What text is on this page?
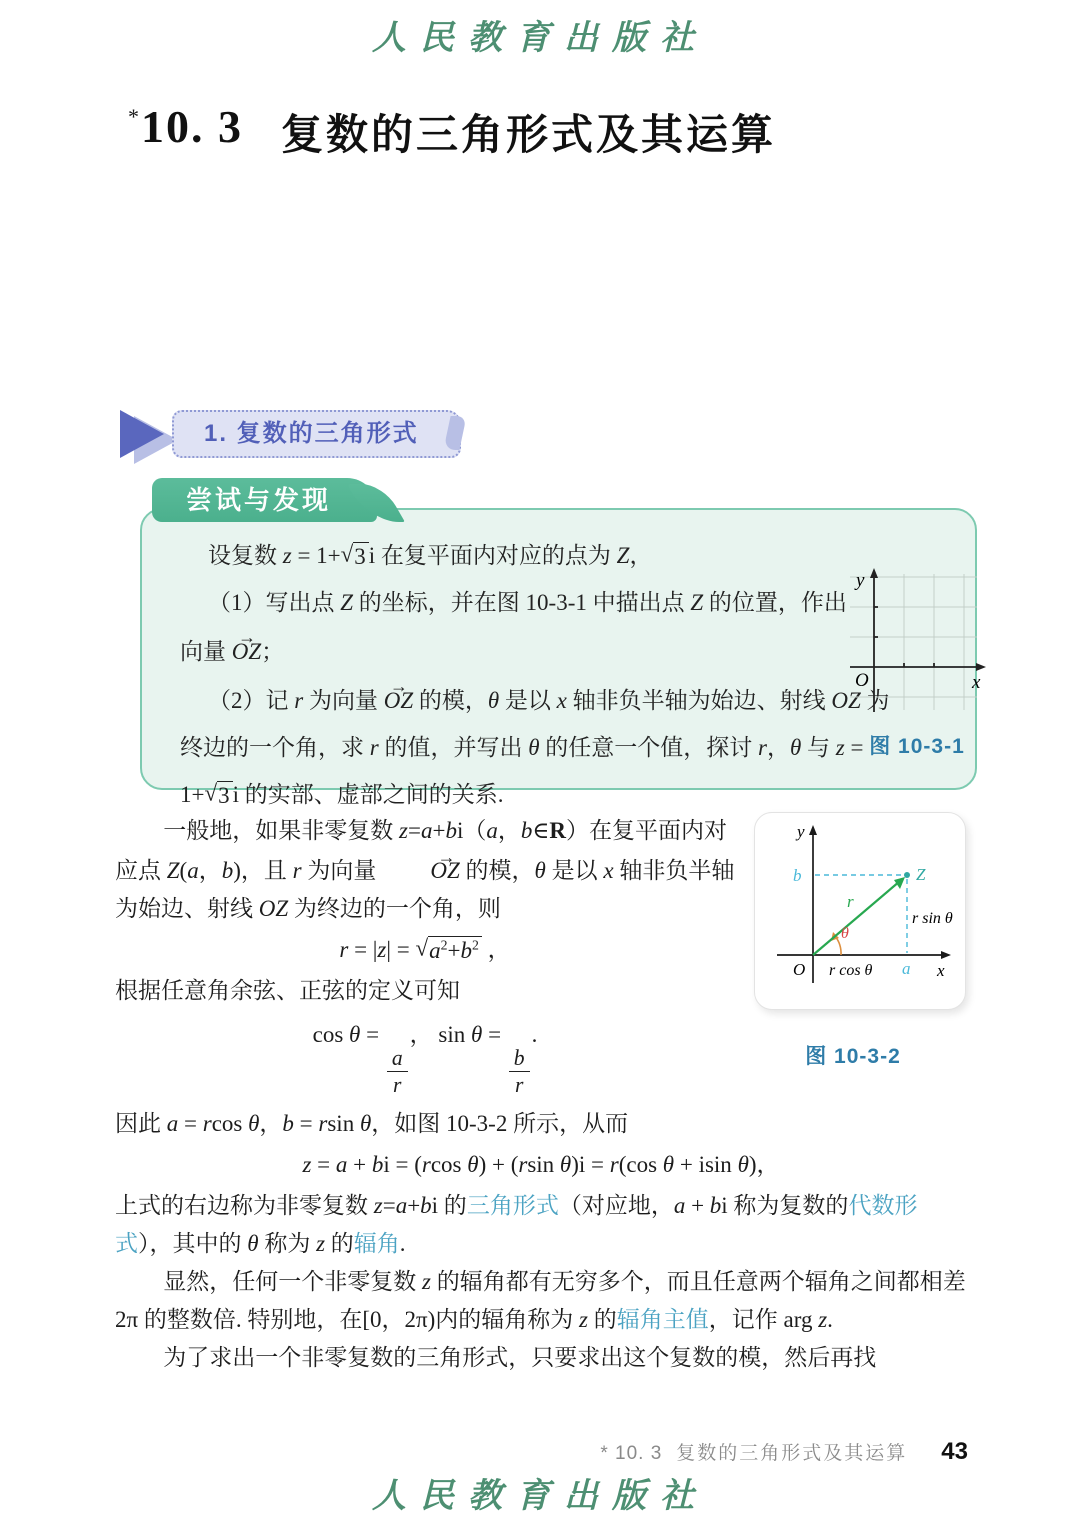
人民教育出版社
* 10. 3 复数的三角形式及其运算
1. 复数的三角形式
尝试与发现
设复数 z = 1+ √ 3 i 在复平面内对应的点为 Z，
（1）写出点 Z 的坐标，并在图 10-3-1 中描出点 Z 的位置，作出
向量 → OZ；
（2）记 r 为向量 → OZ 的模，θ 是以 x 轴非负半轴为始边、射线 OZ 为
终边的一个角，求 r 的值，并写出 θ 的任意一个值，探讨 r，θ 与 z =
1+ √ 3 i 的实部、虚部之间的关系.
y
x
O
图 10-3-1
y
x
O
b
a
Z
r
θ
r sin θ
r cos θ
图 10-3-2

一般地，如果非零复数 z=a+bi（a，b∈R）在复平面内对应点 Z(a，b)，且 r 为向量 → OZ 的模，θ 是以 x 轴非负半轴为始边、射线 OZ 为终边的一个角，则

r = |z| = √ $a^2+b^2$ ，

根据任意角余弦、正弦的定义可知

cos θ =
$\frac{a}{r}$
， sin θ =
$\frac{b}{r}$
.

因此 a = rcos θ，b = rsin θ，如图 10-3-2 所示，从而

z = a + bi = (rcos θ) + (rsin θ)i = r(cos θ + isin θ)，

上式的右边称为非零复数 z=a+bi 的三角形式（对应地，a + bi 称为复数的代数形式），其中的 θ 称为 z 的辐角.

显然，任何一个非零复数 z 的辐角都有无穷多个，而且任意两个辐角之间都相差 2π 的整数倍. 特别地，在[0，2π)内的辐角称为 z 的辐角主值，记作 arg z.

为了求出一个非零复数的三角形式，只要求出这个复数的模，然后再找

* 10. 3 复数的三角形式及其运算 43
人民教育出版社
